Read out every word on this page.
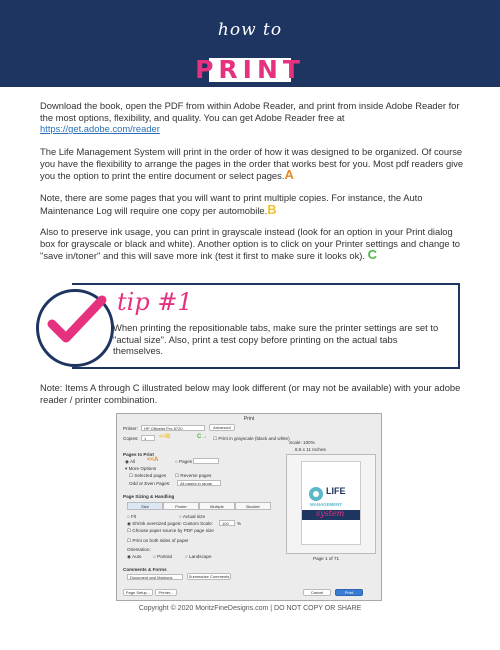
how to
PRINT
Download the book, open the PDF from within Adobe Reader, and print from inside Adobe Reader for the most options, flexibility, and quality. You can get Adobe Reader free at https://get.adobe.com/reader
The Life Management System will print in the order of how it was designed to be organized. Of course you have the flexibility to arrange the pages in the order that works best for you. Most pdf readers give you the option to print the entire document or select pages.A
Note, there are some pages that you will want to print multiple copies. For instance, the Auto Maintenance Log will require one copy per automobile.B
Also to preserve ink usage, you can print in grayscale instead (look for an option in your Print dialog box for grayscale or black and white). Another option is to click on your Printer settings and change to "save in/toner" and this will save more ink (test it first to make sure it looks ok). C
tip #1
When printing the repositionable tabs, make sure the printer settings are set to "actual size". Also, print a test copy before printing on the actual tabs themselves.
Note: Items A through C illustrated below may look different (or may not be available) with your adobe reader / printer combination.
Print
Printer:	HP Officejet Pro 8720	Advanced
Copies:	1	<<B	C→ ☐ Print in grayscale (black and white)
Pages to Print
◉ All <<A	○ Pages
▾ More Options
☐ Selected pages ☐ Reverse pages
Odd or Even Pages:	All pages in range
Page Sizing & Handling
Size	Poster	Multiple	Booklet
○ Fit	○ Actual size
◉ Shrink oversized pages
○ Custom Scale:	100	%
☐ Choose paper source by PDF page size
☐ Print on both sides of paper
Orientation:
◉ Auto	○ Portrait	○ Landscape
Comments & Forms
Document and Markups	Summarize Comments
Page Setup...	Printer...	Cancel	Print
Scale: 100%
8.5 x 11 Inches
LIFE
MANAGEMENT
system
Page 1 of 71
Copyright © 2020 MoritzFineDesigns.com | DO NOT COPY OR SHARE
